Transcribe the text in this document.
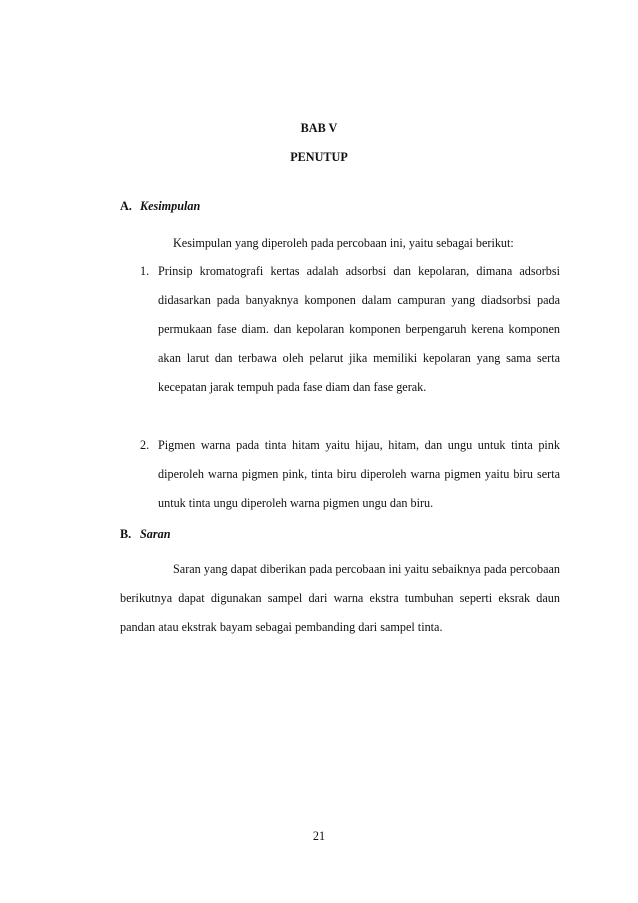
BAB V
PENUTUP
A. Kesimpulan

Kesimpulan yang diperoleh pada percobaan ini, yaitu sebagai berikut:

1. Prinsip kromatografi kertas adalah adsorbsi dan kepolaran, dimana adsorbsi didasarkan pada banyaknya komponen dalam campuran yang diadsorbsi pada permukaan fase diam. dan kepolaran komponen berpengaruh kerena komponen akan larut dan terbawa oleh pelarut jika memiliki kepolaran yang sama serta kecepatan jarak tempuh pada fase diam dan fase gerak.
2. Pigmen warna pada tinta hitam yaitu hijau, hitam, dan ungu untuk tinta pink diperoleh warna pigmen pink, tinta biru diperoleh warna pigmen yaitu biru serta untuk tinta ungu diperoleh warna pigmen ungu dan biru.
B. Saran

Saran yang dapat diberikan pada percobaan ini yaitu sebaiknya pada percobaan berikutnya dapat digunakan sampel dari warna ekstra tumbuhan seperti eksrak daun pandan atau ekstrak bayam sebagai pembanding dari sampel tinta.

21
